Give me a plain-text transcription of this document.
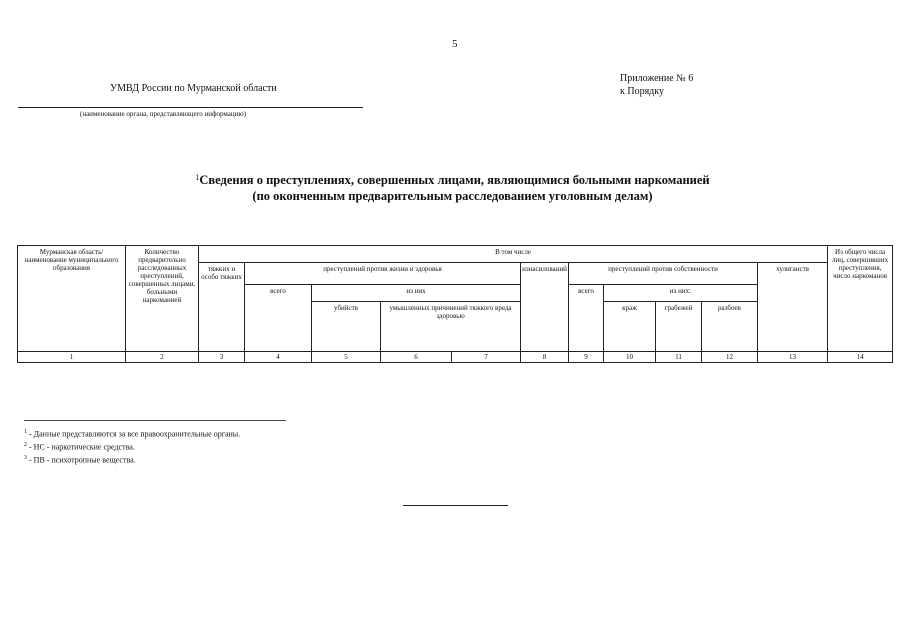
5
УМВД России по Мурманской области
(наименование органа, представляющего информацию)
Приложение № 6
к Порядку
$^1$Сведения о преступлениях, совершенных лицами, являющимися больными наркоманией
(по оконченным предварительным расследованием уголовным делам)
Мурманская область/ наименование муниципального образования	Количество предварительно расследованных преступлений, совершенных лицами, больными наркоманией	В том числе											Из общего числа лиц, совершивших преступления, число наркоманов	
		тяжких и особо тяжких	преступлений против жизни и здоровья				изнасилований	преступлений против собственности				хулиганств	
			всего	из них				всего	из них:					
				убийств	умышленных причинений тяжкого вреда здоровью				краж	грабежей	разбоев			
1	2	3	4	5	6	7	8	9	10	11	12	13	14	
$^1$ - Данные представляются за все правоохранительные органы.
$^2$ - НС - наркотические средства.
$^3$ - ПВ - психотропные вещества.
